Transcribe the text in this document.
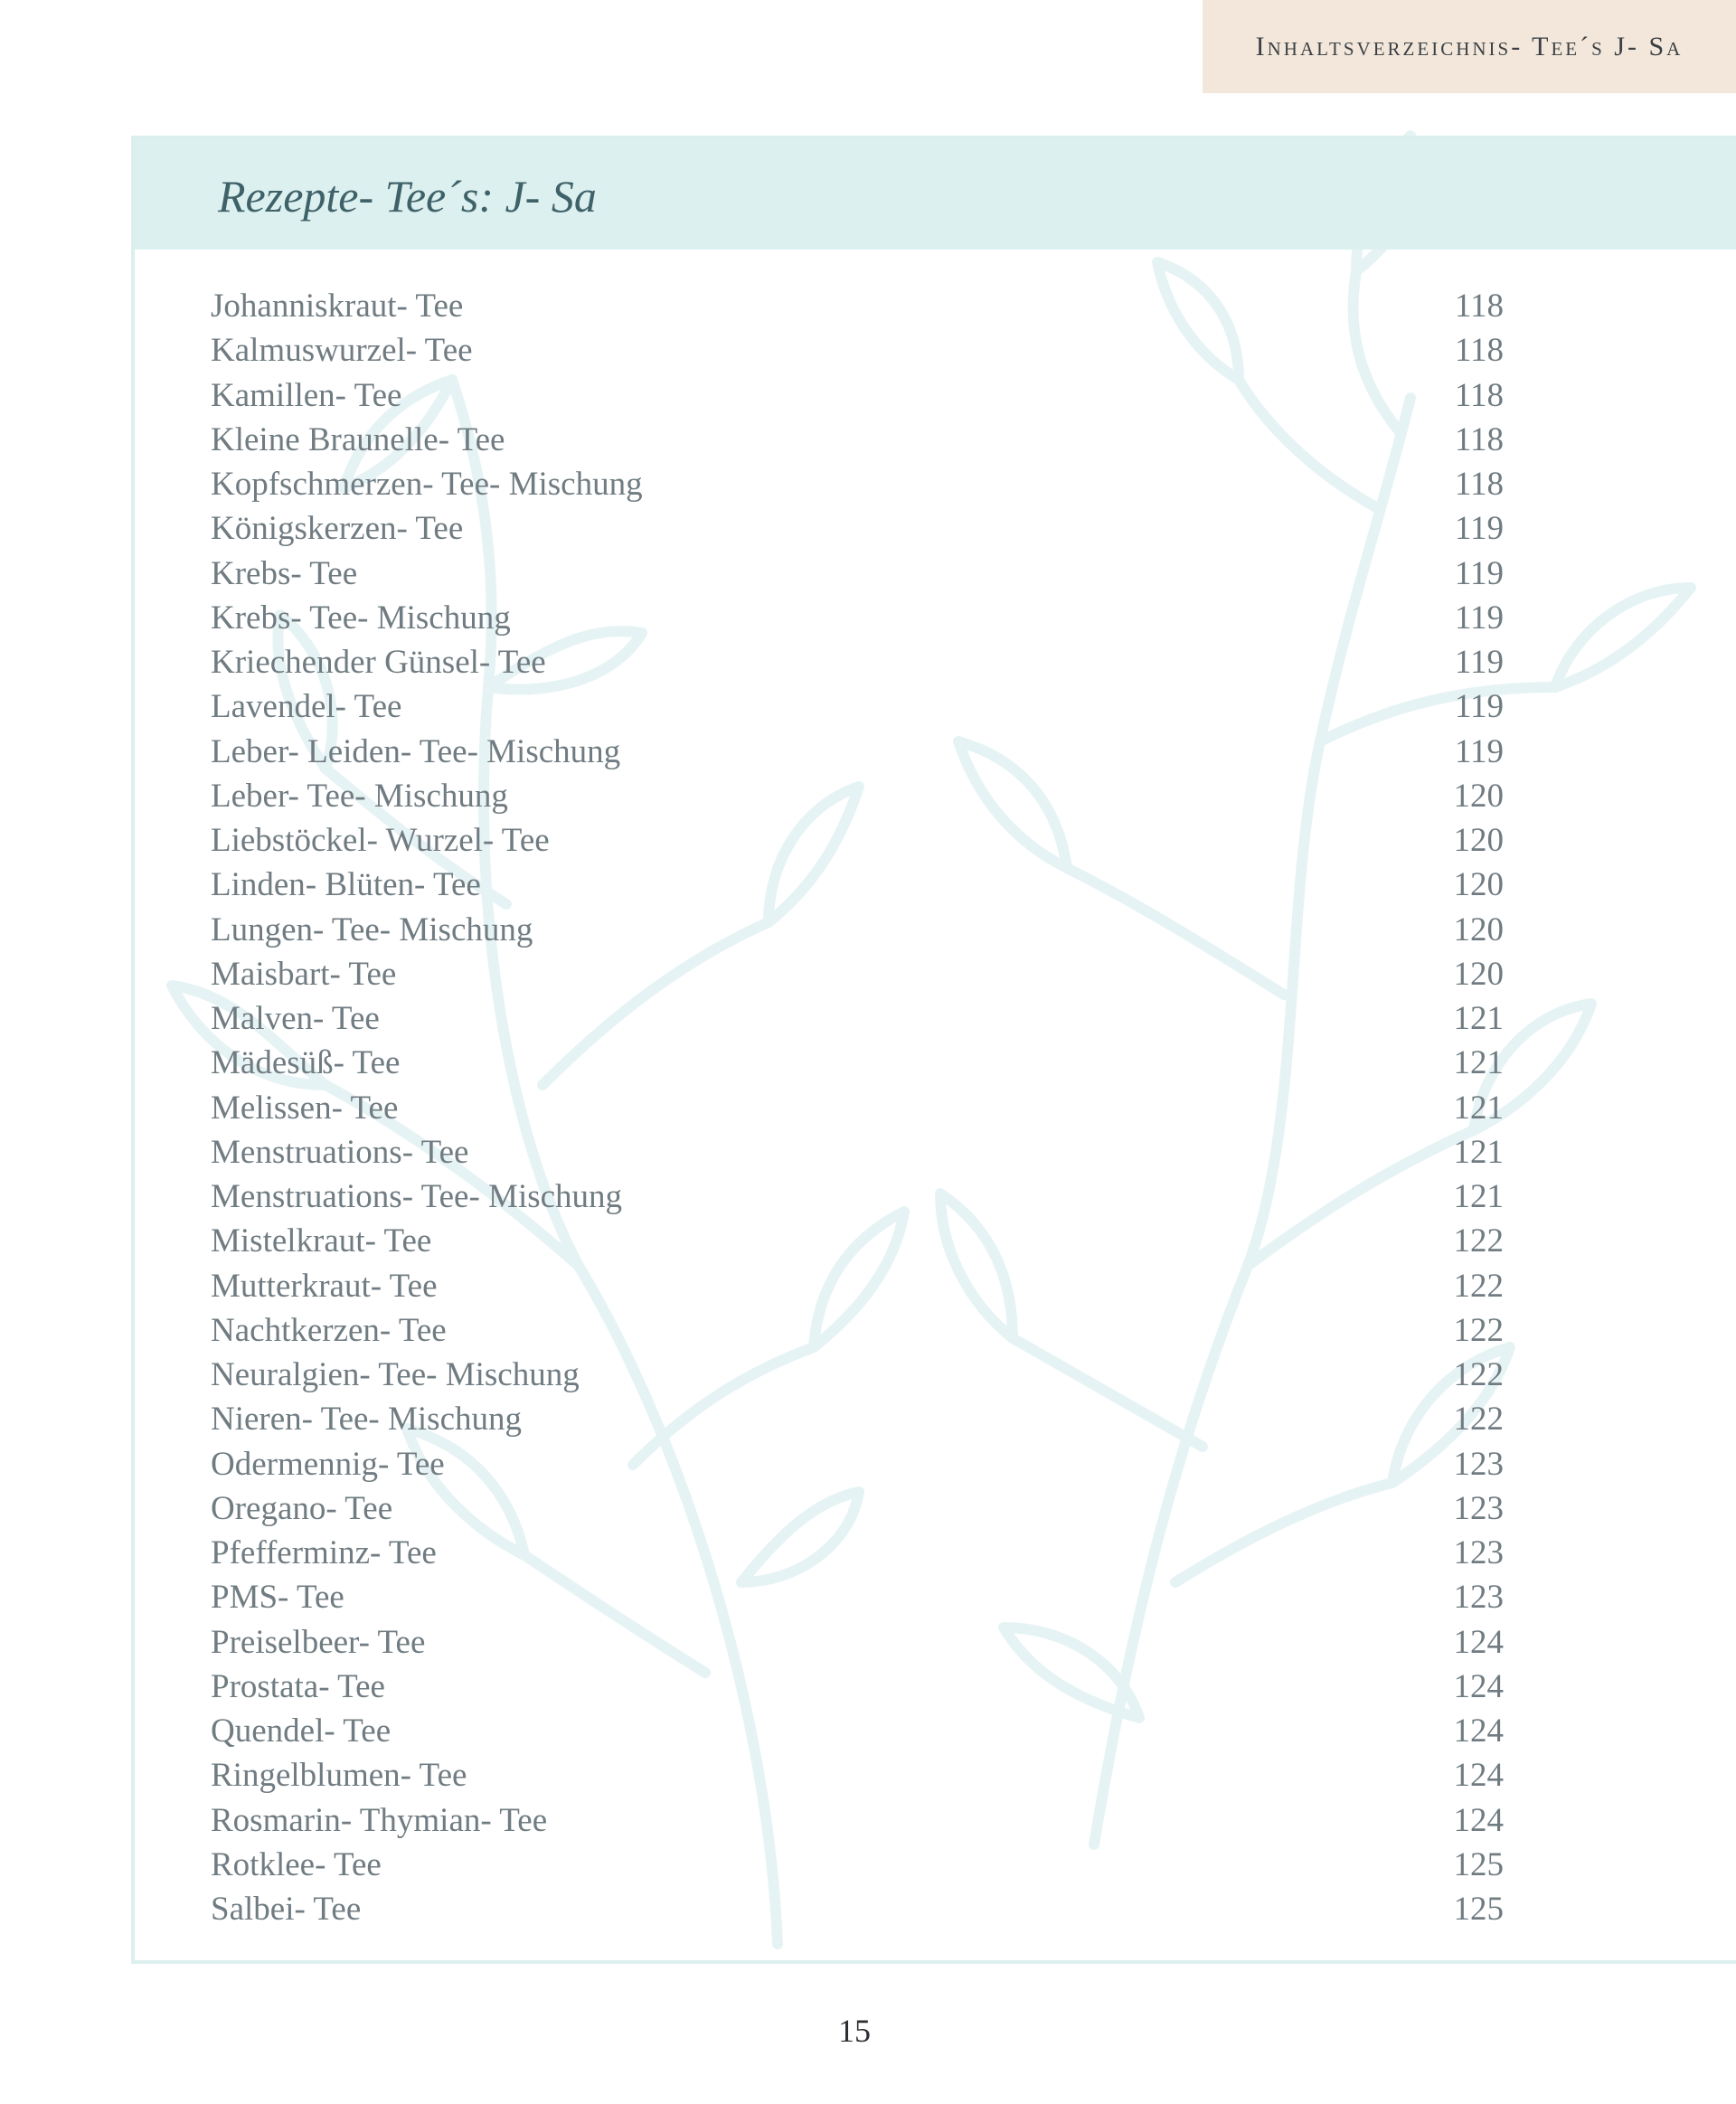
Inhaltsverzeichnis- Tee´s J- Sa
Rezepte- Tee´s: J- Sa
Johanniskraut- Tee	118
Kalmuswurzel- Tee	118
Kamillen- Tee	118
Kleine Braunelle- Tee	118
Kopfschmerzen- Tee- Mischung	118
Königskerzen- Tee	119
Krebs- Tee	119
Krebs- Tee- Mischung	119
Kriechender Günsel- Tee	119
Lavendel- Tee	119
Leber- Leiden- Tee- Mischung	119
Leber- Tee- Mischung	120
Liebstöckel- Wurzel- Tee	120
Linden- Blüten- Tee	120
Lungen- Tee- Mischung	120
Maisbart- Tee	120
Malven- Tee	121
Mädesüß- Tee	121
Melissen- Tee	121
Menstruations- Tee	121
Menstruations- Tee- Mischung	121
Mistelkraut- Tee	122
Mutterkraut- Tee	122
Nachtkerzen- Tee	122
Neuralgien- Tee- Mischung	122
Nieren- Tee- Mischung	122
Odermennig- Tee	123
Oregano- Tee	123
Pfefferminz- Tee	123
PMS- Tee	123
Preiselbeer- Tee	124
Prostata- Tee	124
Quendel- Tee	124
Ringelblumen- Tee	124
Rosmarin- Thymian- Tee	124
Rotklee- Tee	125
Salbei- Tee	125
15
